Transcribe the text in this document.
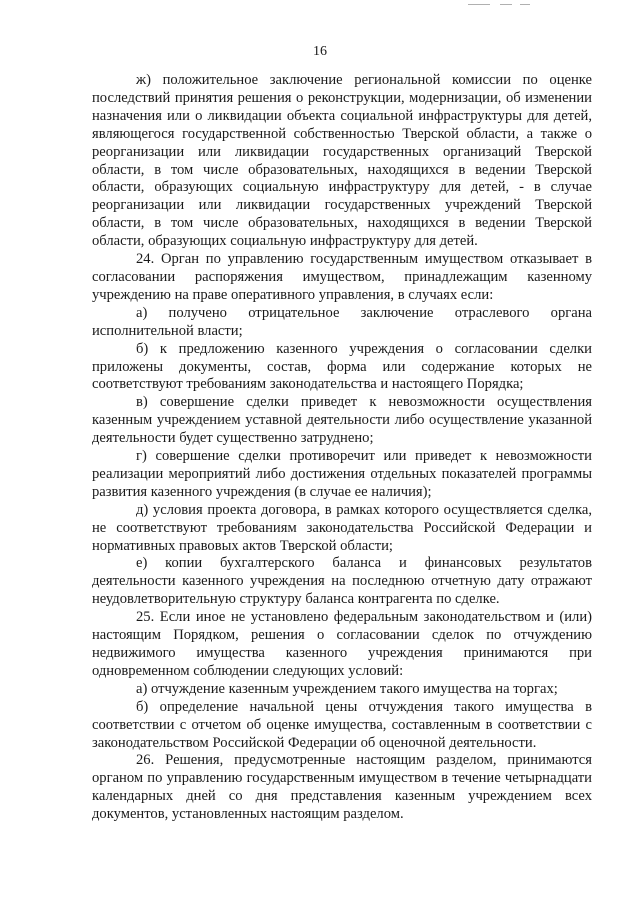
16

ж) положительное заключение региональной комиссии по оценке последствий принятия решения о реконструкции, модернизации, об изменении назначения или о ликвидации объекта социальной инфраструктуры для детей, являющегося государственной собственностью Тверской области, а также о реорганизации или ликвидации государственных организаций Тверской области, в том числе образовательных, находящихся в ведении Тверской области, образующих социальную инфраструктуру для детей, - в случае реорганизации или ликвидации государственных учреждений Тверской области, в том числе образовательных, находящихся в ведении Тверской области, образующих социальную инфраструктуру для детей.

24. Орган по управлению государственным имуществом отказывает в согласовании распоряжения имуществом, принадлежащим казенному учреждению на праве оперативного управления, в случаях если:

а) получено отрицательное заключение отраслевого органа исполнительной власти;

б) к предложению казенного учреждения о согласовании сделки приложены документы, состав, форма или содержание которых не соответствуют требованиям законодательства и настоящего Порядка;

в) совершение сделки приведет к невозможности осуществления казенным учреждением уставной деятельности либо осуществление указанной деятельности будет существенно затруднено;

г) совершение сделки противоречит или приведет к невозможности реализации мероприятий либо достижения отдельных показателей программы развития казенного учреждения (в случае ее наличия);

д) условия проекта договора, в рамках которого осуществляется сделка, не соответствуют требованиям законодательства Российской Федерации и нормативных правовых актов Тверской области;

е) копии бухгалтерского баланса и финансовых результатов деятельности казенного учреждения на последнюю отчетную дату отражают неудовлетворительную структуру баланса контрагента по сделке.

25. Если иное не установлено федеральным законодательством и (или) настоящим Порядком, решения о согласовании сделок по отчуждению недвижимого имущества казенного учреждения принимаются при одновременном соблюдении следующих условий:

а) отчуждение казенным учреждением такого имущества на торгах;

б) определение начальной цены отчуждения такого имущества в соответствии с отчетом об оценке имущества, составленным в соответствии с законодательством Российской Федерации об оценочной деятельности.

26. Решения, предусмотренные настоящим разделом, принимаются органом по управлению государственным имуществом в течение четырнадцати календарных дней со дня представления казенным учреждением всех документов, установленных настоящим разделом.
